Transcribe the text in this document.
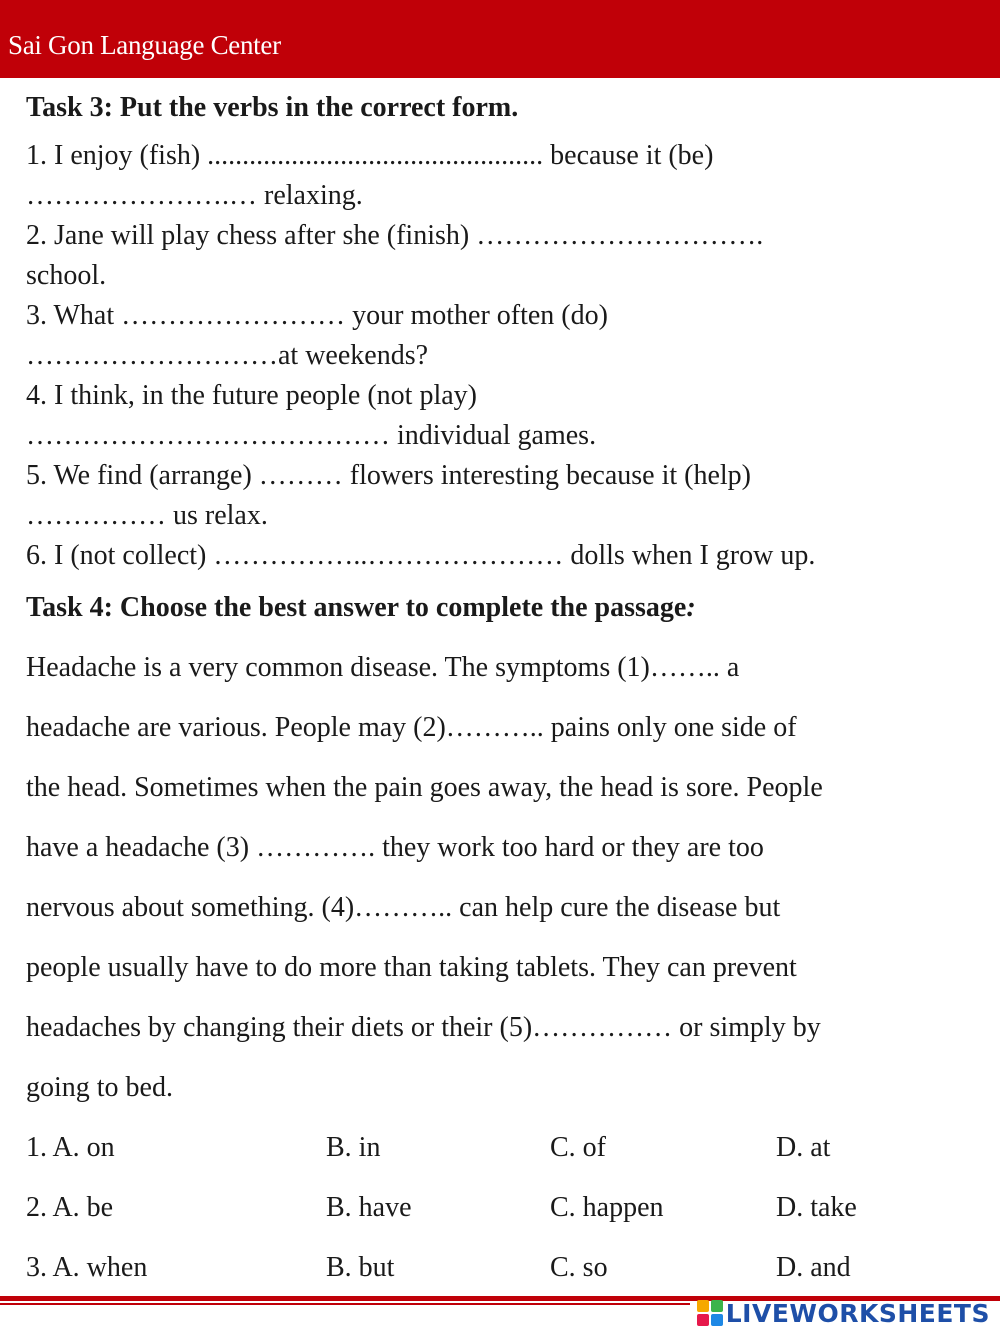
Sai Gon Language Center
Task 3: Put the verbs in the correct form.
1. I enjoy (fish) ................................................ because it (be)
………………….… relaxing.
2. Jane will play chess after she (finish) ………………………….
school.
3. What …………………… your mother often (do)
………………………at weekends?
4. I think, in the future people (not play)
………………………………… individual games.
5. We find (arrange) ……… flowers interesting because it (help)
…………… us relax.
6. I (not collect) ……………..………………… dolls when I grow up.
Task 4: Choose the best answer to complete the passage:
Headache is a very common disease. The symptoms (1)…….. a
headache are various. People may (2)……….. pains only one side of
the head. Sometimes when the pain goes away, the head is sore. People
have a headache (3) …………. they work too hard or they are too
nervous about something. (4)……….. can help cure the disease but
people usually have to do more than taking tablets. They can prevent
headaches by changing their diets or their (5)…………… or simply by
going to bed.
1. A. on	B. in	C. of	D. at
2. A. be	B. have	C. happen	D. take
3. A. when	B. but	C. so	D. and
LIVEWORKSHEETS
